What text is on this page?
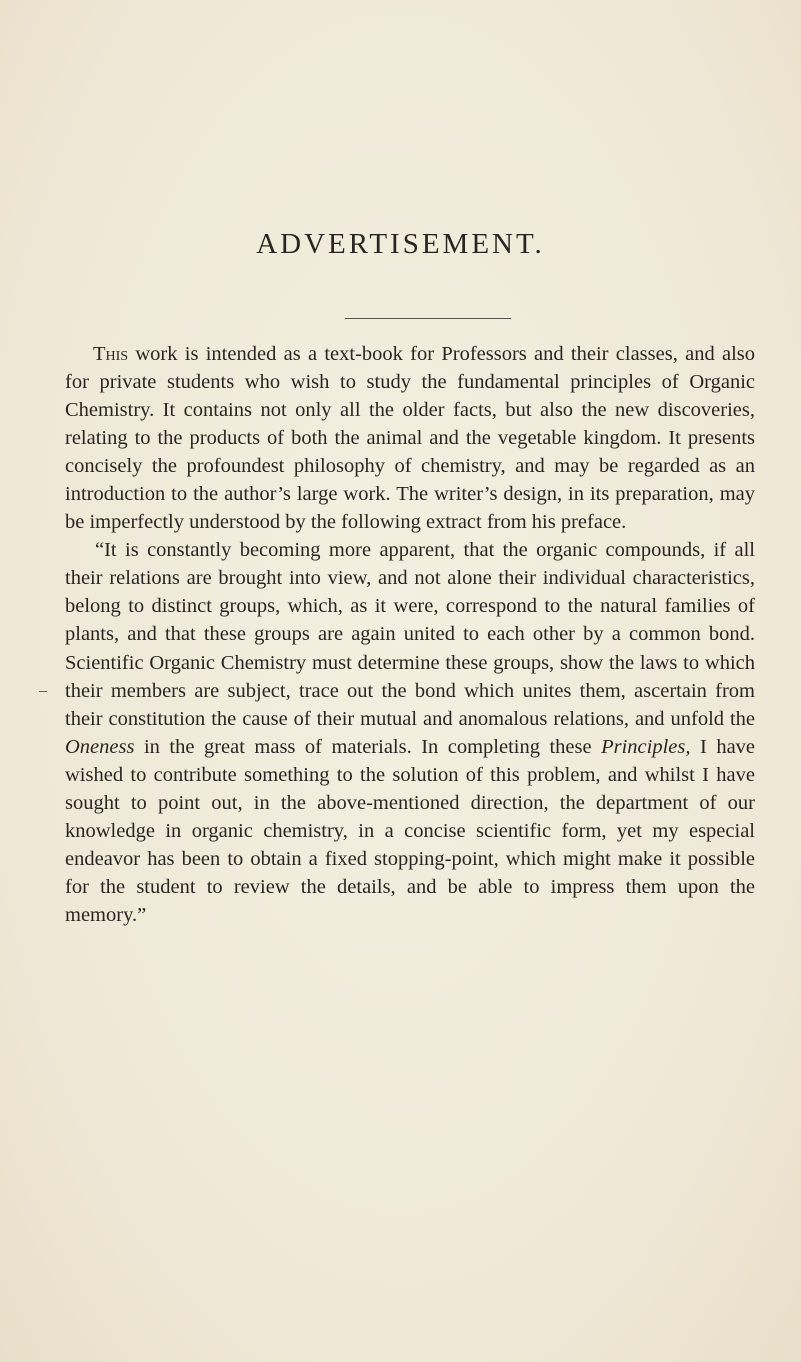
ADVERTISEMENT.

This work is intended as a text-book for Professors and their classes, and also for private students who wish to study the fundamental principles of Organic Chemistry. It contains not only all the older facts, but also the new discoveries, relating to the products of both the animal and the vegetable kingdom. It presents concisely the profoundest philosophy of chemistry, and may be regarded as an introduction to the author’s large work. The writer’s design, in its preparation, may be imperfectly understood by the following extract from his preface.

“It is constantly becoming more apparent, that the organic compounds, if all their relations are brought into view, and not alone their individual characteristics, belong to distinct groups, which, as it were, correspond to the natural families of plants, and that these groups are again united to each other by a common bond. Scientific Organic Chemistry must determine these groups, show the laws to which their members are subject, trace out the bond which unites them, ascertain from their constitution the cause of their mutual and anomalous relations, and unfold the Oneness in the great mass of materials. In completing these Principles, I have wished to contribute something to the solution of this problem, and whilst I have sought to point out, in the above-mentioned direction, the department of our knowledge in organic chemistry, in a concise scientific form, yet my especial endeavor has been to obtain a fixed stopping-point, which might make it possible for the student to review the details, and be able to impress them upon the memory.”
